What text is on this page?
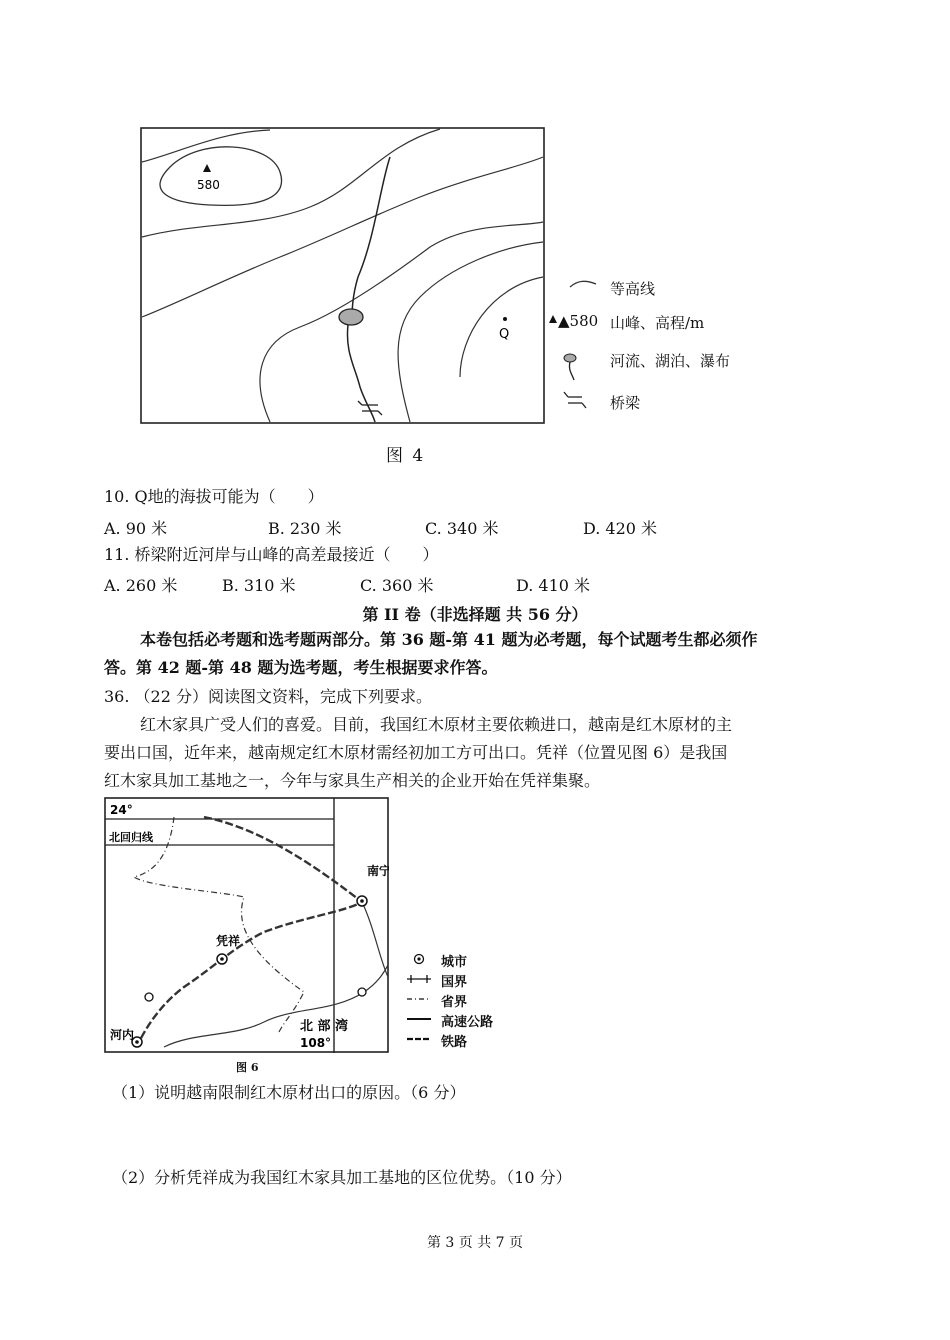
580
Q
等高线
▲580 山峰、高程/m
河流、湖泊、瀑布
桥梁
图 4
10. Q地的海拔可能为（　　）
A. 90 米	B. 230 米	C. 340 米	D. 420 米
11. 桥梁附近河岸与山峰的高差最接近（　　）
A. 260 米	B. 310 米	C. 360 米	D. 410 米
第 II 卷（非选择题 共 56 分）
本卷包括必考题和选考题两部分。第 36 题-第 41 题为必考题，每个试题考生都必须作
答。第 42 题-第 48 题为选考题，考生根据要求作答。
36. （22 分）阅读图文资料，完成下列要求。
红木家具广受人们的喜爱。目前，我国红木原材主要依赖进口，越南是红木原材的主
要出口国，近年来，越南规定红木原材需经初加工方可出口。凭祥（位置见图 6）是我国
红木家具加工基地之一，今年与家具生产相关的企业开始在凭祥集聚。
24°
北回归线
南宁
凭祥
河内
北 部 湾
108°
城市
国界
省界
高速公路
铁路
图 6
（1）说明越南限制红木原材出口的原因。（6 分）
（2）分析凭祥成为我国红木家具加工基地的区位优势。（10 分）
第 3 页 共 7 页
